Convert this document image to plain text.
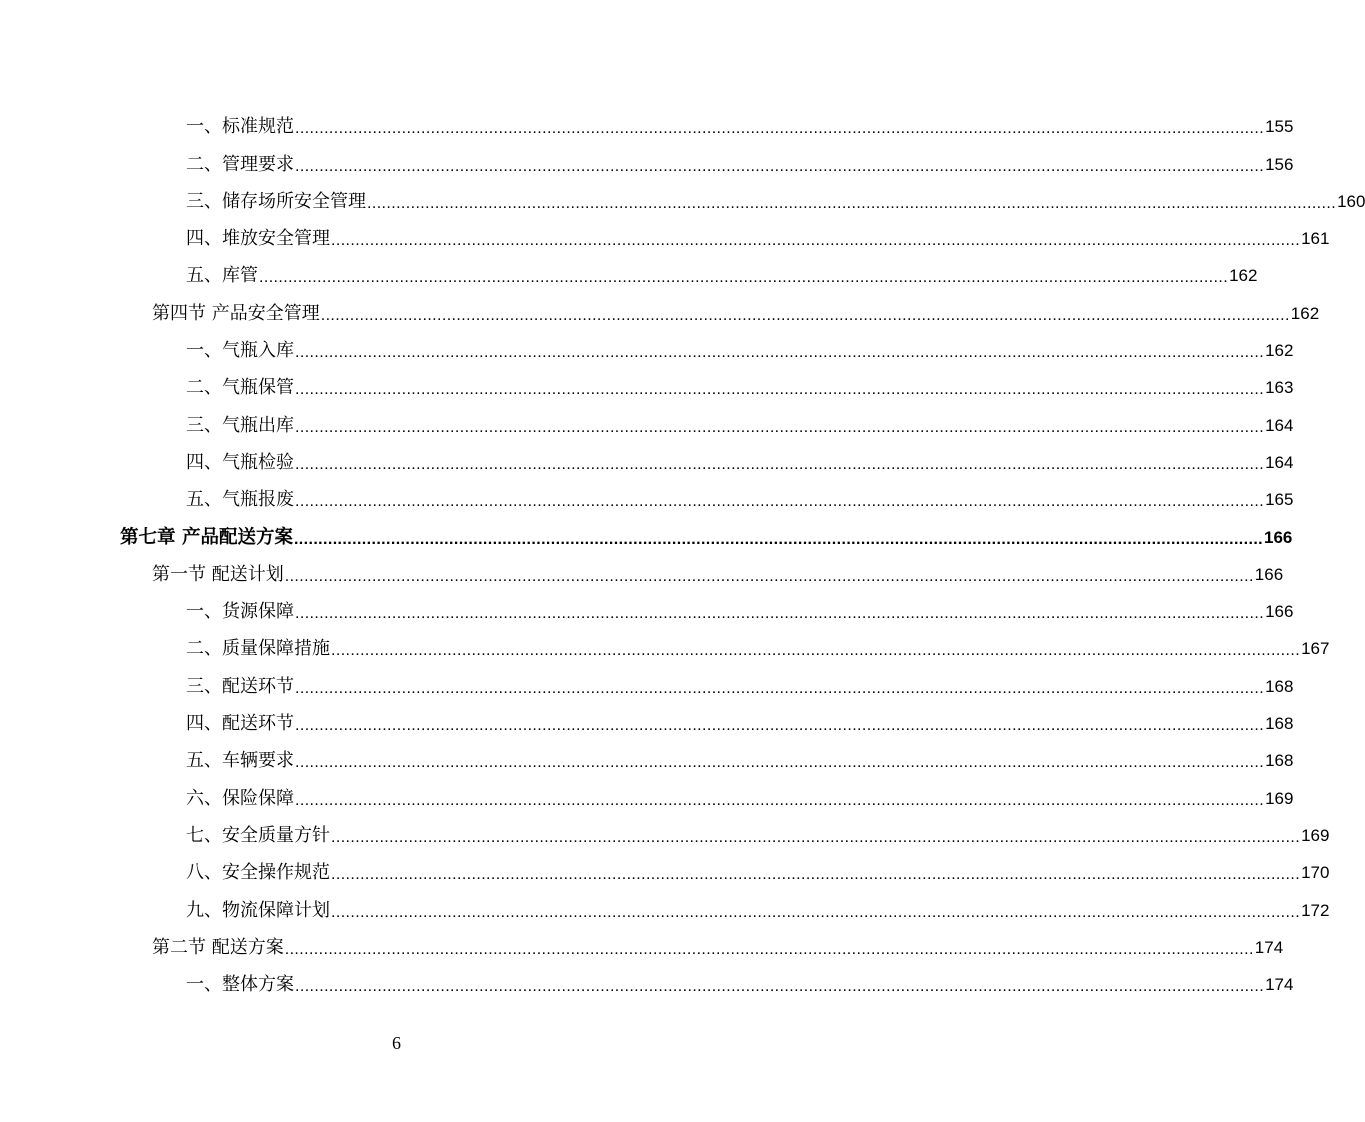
一、标准规范 ........................................................................................................................................................................................................ 155
二、管理要求 ........................................................................................................................................................................................................ 156
三、储存场所安全管理 ........................................................................................................................................................................................................ 160
四、堆放安全管理 ........................................................................................................................................................................................................ 161
五、库管 ........................................................................................................................................................................................................ 162
第四节 产品安全管理 ........................................................................................................................................................................................................ 162
一、气瓶入库 ........................................................................................................................................................................................................ 162
二、气瓶保管 ........................................................................................................................................................................................................ 163
三、气瓶出库 ........................................................................................................................................................................................................ 164
四、气瓶检验 ........................................................................................................................................................................................................ 164
五、气瓶报废 ........................................................................................................................................................................................................ 165
第七章 产品配送方案 ........................................................................................................................................................................................................ 166
第一节 配送计划 ........................................................................................................................................................................................................ 166
一、货源保障 ........................................................................................................................................................................................................ 166
二、质量保障措施 ........................................................................................................................................................................................................ 167
三、配送环节 ........................................................................................................................................................................................................ 168
四、配送环节 ........................................................................................................................................................................................................ 168
五、车辆要求 ........................................................................................................................................................................................................ 168
六、保险保障 ........................................................................................................................................................................................................ 169
七、安全质量方针 ........................................................................................................................................................................................................ 169
八、安全操作规范 ........................................................................................................................................................................................................ 170
九、物流保障计划 ........................................................................................................................................................................................................ 172
第二节 配送方案 ........................................................................................................................................................................................................ 174
一、整体方案 ........................................................................................................................................................................................................ 174
6
